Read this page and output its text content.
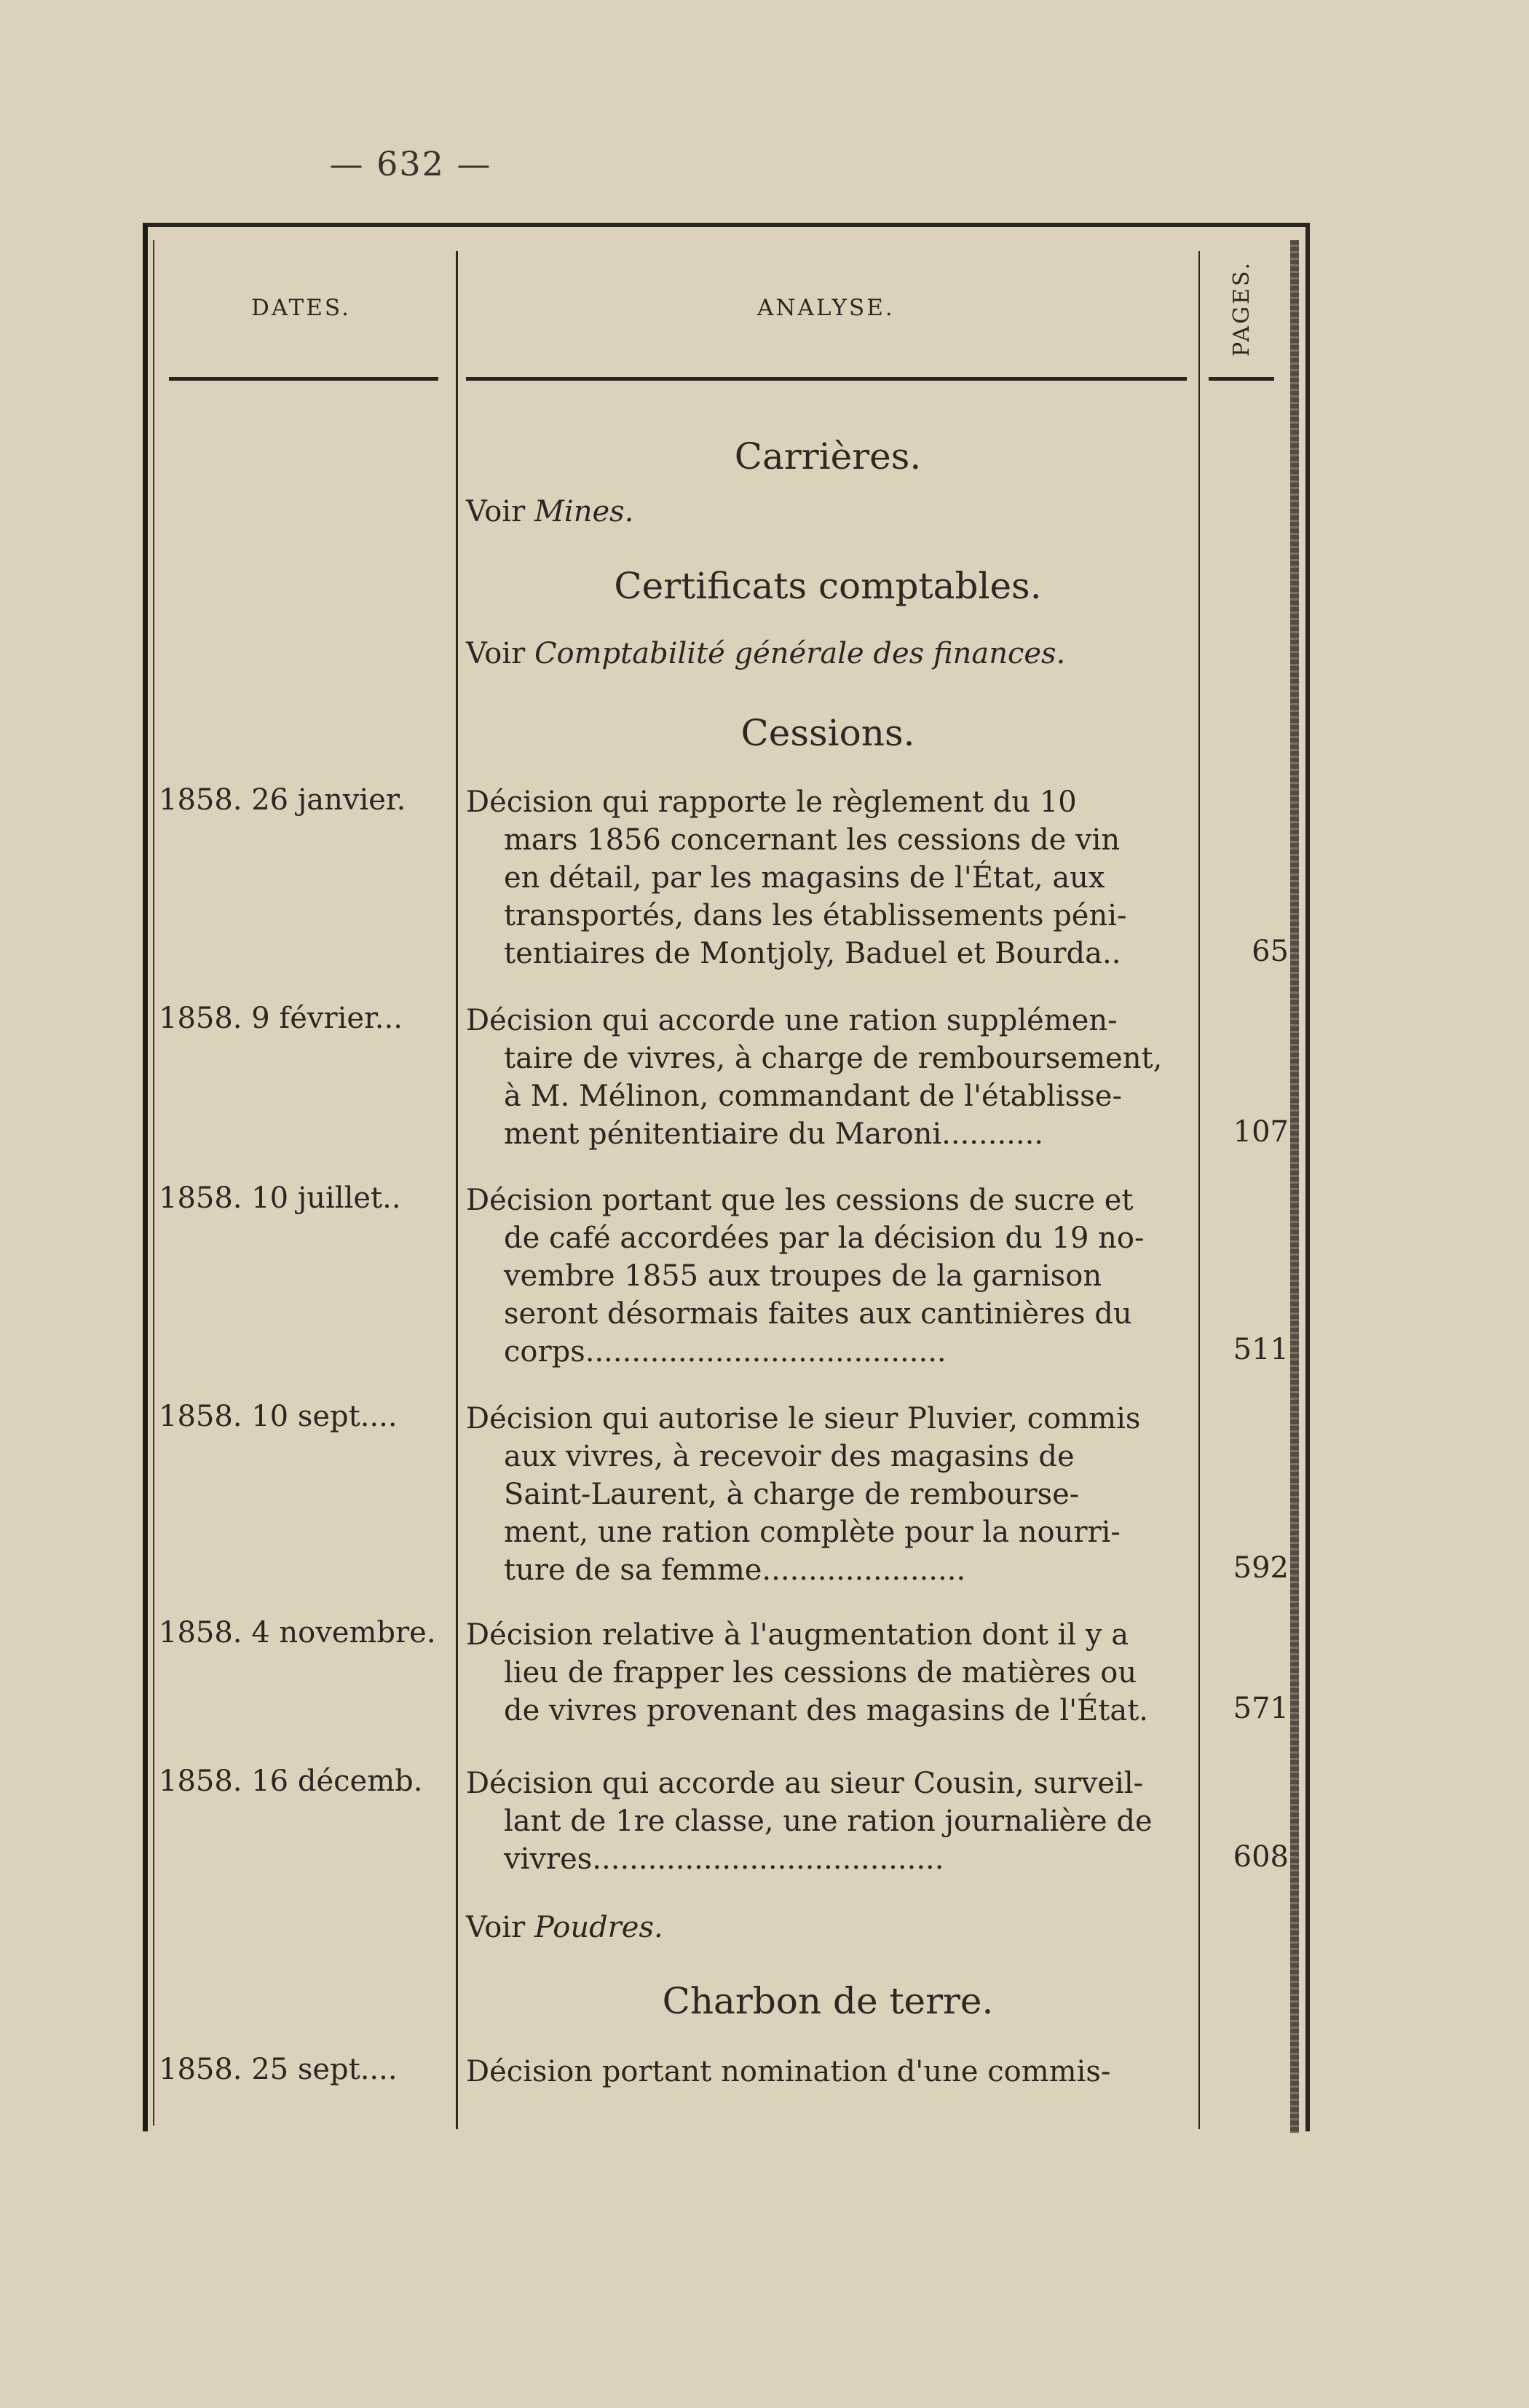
— 632 —
DATES.	ANALYSE.	PAGES.
Carrières.
Voir Mines.
Certificats comptables.
Voir Comptabilité générale des finances.
Cessions.
1858. 26 janvier. Décision qui rapporte le règlement du 10
mars 1856 concernant les cessions de vin
en détail, par les magasins de l'État, aux
transportés, dans les établissements péni-
tentiaires de Montjoly, Baduel et Bourda..	65
1858. 9 février... Décision qui accorde une ration supplémen-
taire de vivres, à charge de remboursement,
à M. Mélinon, commandant de l'établisse-
ment pénitentiaire du Maroni...........	107
1858. 10 juillet.. Décision portant que les cessions de sucre et
de café accordées par la décision du 19 no-
vembre 1855 aux troupes de la garnison
seront désormais faites aux cantinières du
corps.......................................	511
1858. 10 sept.... Décision qui autorise le sieur Pluvier, commis
aux vivres, à recevoir des magasins de
Saint-Laurent, à charge de rembourse-
ment, une ration complète pour la nourri-
ture de sa femme......................	592
1858. 4 novembre. Décision relative à l'augmentation dont il y a
lieu de frapper les cessions de matières ou
de vivres provenant des magasins de l'État.	571
1858. 16 décemb. Décision qui accorde au sieur Cousin, surveil-
lant de 1re classe, une ration journalière de
vivres......................................	608
Voir Poudres.
Charbon de terre.
1858. 25 sept.... Décision portant nomination d'une commis-
